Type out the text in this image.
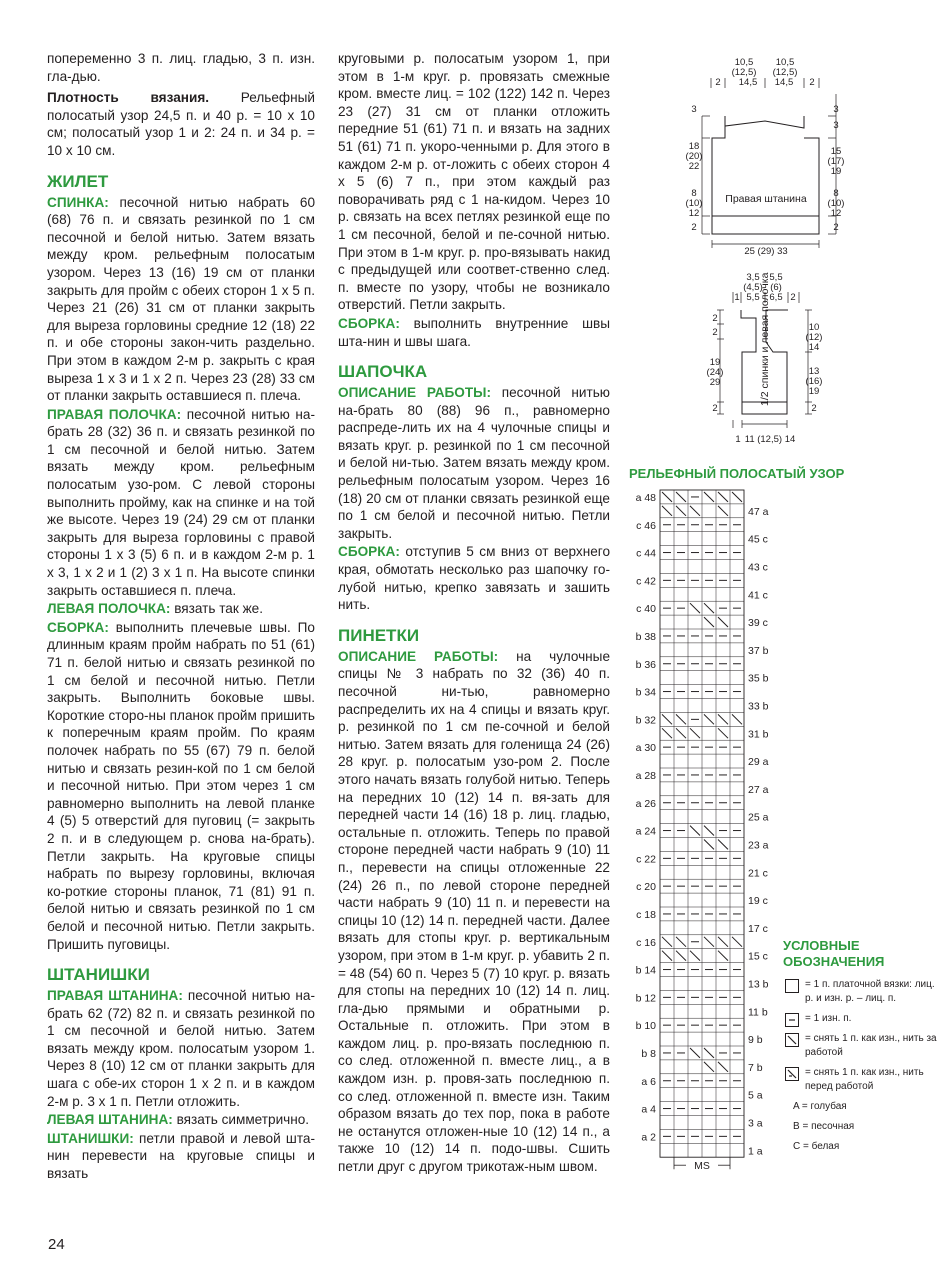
попеременно 3 п. лиц. гладью, 3 п. изн. гла-дью.

Плотность вязания. Рельефный полосатый узор 24,5 п. и 40 р. = 10 х 10 см; полосатый узор 1 и 2: 24 п. и 34 р. = 10 х 10 см.

ЖИЛЕТ

СПИНКА: песочной нитью набрать 60 (68) 76 п. и связать резинкой по 1 см песочной и белой нитью. Затем вязать между кром. рельефным полосатым узором. Через 13 (16) 19 см от планки закрыть для пройм с обеих сторон 1 х 5 п. Через 21 (26) 31 см от планки закрыть для выреза горловины средние 12 (18) 22 п. и обе стороны закон-чить раздельно. При этом в каждом 2-м р. закрыть с края выреза 1 х 3 и 1 х 2 п. Через 23 (28) 33 см от планки закрыть оставшиеся п. плеча.

ПРАВАЯ ПОЛОЧКА: песочной нитью на-брать 28 (32) 36 п. и связать резинкой по 1 см песочной и белой нитью. Затем вязать между кром. рельефным полосатым узо-ром. С левой стороны выполнить пройму, как на спинке и на той же высоте. Через 19 (24) 29 см от планки закрыть для выреза горловины с правой стороны 1 х 3 (5) 6 п. и в каждом 2-м р. 1 х 3, 1 х 2 и 1 (2) 3 х 1 п. На высоте спинки закрыть оставшиеся п. плеча.

ЛЕВАЯ ПОЛОЧКА: вязать так же.

СБОРКА: выполнить плечевые швы. По длинным краям пройм набрать по 51 (61) 71 п. белой нитью и связать резинкой по 1 см белой и песочной нитью. Петли закрыть. Выполнить боковые швы. Короткие сторо-ны планок пройм пришить к поперечным краям пройм. По краям полочек набрать по 55 (67) 79 п. белой нитью и связать резин-кой по 1 см белой и песочной нитью. При этом через 1 см равномерно выполнить на левой планке 4 (5) 5 отверстий для пуговиц (= закрыть 2 п. и в следующем р. снова на-брать). Петли закрыть. На круговые спицы набрать по вырезу горловины, включая ко-роткие стороны планок, 71 (81) 91 п. белой нитью и связать резинкой по 1 см белой и песочной нитью. Петли закрыть. Пришить пуговицы.

ШТАНИШКИ

ПРАВАЯ ШТАНИНА: песочной нитью на-брать 62 (72) 82 п. и связать резинкой по 1 см песочной и белой нитью. Затем вязать между кром. полосатым узором 1. Через 8 (10) 12 см от планки закрыть для шага с обе-их сторон 1 х 2 п. и в каждом 2-м р. 3 х 1 п. Петли отложить.

ЛЕВАЯ ШТАНИНА: вязать симметрично.

ШТАНИШКИ: петли правой и левой шта-нин перевести на круговые спицы и вязать

круговыми р. полосатым узором 1, при этом в 1-м круг. р. провязать смежные кром. вместе лиц. = 102 (122) 142 п. Через 23 (27) 31 см от планки отложить передние 51 (61) 71 п. и вязать на задних 51 (61) 71 п. укоро-ченными р. Для этого в каждом 2-м р. от-ложить с обеих сторон 4 х 5 (6) 7 п., при этом каждый раз поворачивать ряд с 1 на-кидом. Через 10 р. связать на всех петлях резинкой еще по 1 см песочной, белой и пе-сочной нитью. При этом в 1-м круг. р. про-вязывать накид с предыдущей или соответ-ственно след. п. вместе по узору, чтобы не возникало отверстий. Петли закрыть.

СБОРКА: выполнить внутренние швы шта-нин и швы шага.

ШАПОЧКА

ОПИСАНИЕ РАБОТЫ: песочной нитью на-брать 80 (88) 96 п., равномерно распреде-лить их на 4 чулочные спицы и вязать круг. р. резинкой по 1 см песочной и белой ни-тью. Затем вязать между кром. рельефным полосатым узором. Через 16 (18) 20 см от планки связать резинкой еще по 1 см белой и песочной нитью. Петли закрыть.

СБОРКА: отступив 5 см вниз от верхнего края, обмотать несколько раз шапочку го-лубой нитью, крепко завязать и зашить нить.

ПИНЕТКИ

ОПИСАНИЕ РАБОТЫ: на чулочные спицы № 3 набрать по 32 (36) 40 п. песочной ни-тью, равномерно распределить их на 4 спицы и вязать круг. р. резинкой по 1 см пе-сочной и белой нитью. Затем вязать для голенища 24 (26) 28 круг. р. полосатым узо-ром 2. После этого начать вязать голубой нитью. Теперь на передних 10 (12) 14 п. вя-зать для передней части 14 (16) 18 р. лиц. гладью, остальные п. отложить. Теперь по правой стороне передней части набрать 9 (10) 11 п., перевести на спицы отложенные 22 (24) 26 п., по левой стороне передней части набрать 9 (10) 11 п. и перевести на спицы 10 (12) 14 п. передней части. Далее вязать для стопы круг. р. вертикальным узором, при этом в 1-м круг. р. убавить 2 п. = 48 (54) 60 п. Через 5 (7) 10 круг. р. вязать для стопы на передних 10 (12) 14 п. лиц. гла-дью прямыми и обратными р. Остальные п. отложить. При этом в каждом лиц. р. про-вязать последнюю п. со след. отложенной п. вместе лиц., а в каждом изн. р. провя-зать последнюю п. со след. отложенной п. вместе изн. Таким образом вязать до тех пор, пока в работе не останутся отложен-ные 10 (12) 14 п., а также 10 (12) 14 п. подо-швы. Сшить петли друг с другом трикотаж-ным швом.

10,5
(12,5)
14,5
10,5
(12,5)
14,5
2	2
3
18
(20)
22
8
(10)
12
2
3
3
15
(17)
19
8
(10)
12
2
Правая штанина
25 (29) 33
3,5
(4,5)
5,5
5,5
(6)
6,5
1	2
2
2
19
(24)
29
2
10
(12)
14
13
(16)
19
2
1/2 спинки и левая полочка
1 11 (12,5) 14
РЕЛЬЕФНЫЙ ПОЛОСАТЫЙ УЗОР
a 48
c 46
c 44
c 42
c 40
b 38
b 36
b 34
b 32
a 30
a 28
a 26
a 24
c 22
c 20
c 18
c 16
b 14
b 12
b 10
b 8
a 6
a 4
a 2
47 a
45 c
43 c
41 c
39 c
37 b
35 b
33 b
31 b
29 a
27 a
25 a
23 a
21 c
19 c
17 c
15 c
13 b
11 b
9 b
7 b
5 a
3 a
1 a
MS
УСЛОВНЫЕ
ОБОЗНАЧЕНИЯ
= 1 п. платочной вязки: лиц. р. и изн. р. – лиц. п.
= 1 изн. п.
= снять 1 п. как изн., нить за работой
= снять 1 п. как изн., нить перед работой
A = голубая
B = песочная
C = белая
24
